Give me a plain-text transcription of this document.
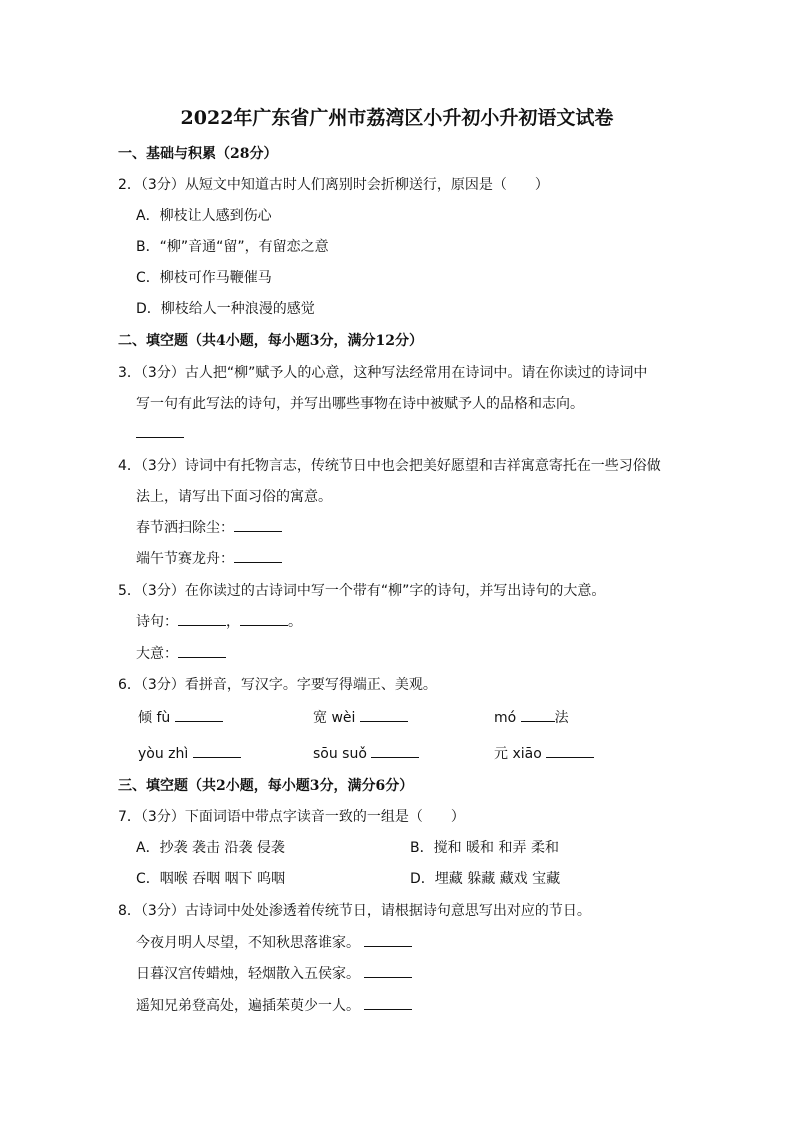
2022年广东省广州市荔湾区小升初小升初语文试卷
一、基础与积累（28分）
2．（3分）从短文中知道古时人们离别时会折柳送行，原因是（　　）
A．柳枝让人感到伤心
B．“柳”音通“留”，有留恋之意
C．柳枝可作马鞭催马
D．柳枝给人一种浪漫的感觉
二、填空题（共4小题，每小题3分，满分12分）
3．（3分）古人把“柳”赋予人的心意，这种写法经常用在诗词中。请在你读过的诗词中
写一句有此写法的诗句，并写出哪些事物在诗中被赋予人的品格和志向。
4．（3分）诗词中有托物言志，传统节日中也会把美好愿望和吉祥寓意寄托在一些习俗做
法上，请写出下面习俗的寓意。
春节洒扫除尘：
端午节赛龙舟：
5．（3分）在你读过的古诗词中写一个带有“柳”字的诗句，并写出诗句的大意。
诗句：	，	。
大意：
6．（3分）看拼音，写汉字。字要写得端正、美观。
倾 fù	宽 wèi	mó	法
yòu zhì	sōu suǒ	元 xiāo
三、填空题（共2小题，每小题3分，满分6分）
7．（3分）下面词语中带点字读音一致的一组是（　　）
A．抄袭 袭击 沿袭 侵袭	B．搅和 暖和 和弄 柔和
C．咽喉 吞咽 咽下 呜咽	D．埋藏 躲藏 藏戏 宝藏
8．（3分）古诗词中处处渗透着传统节日，请根据诗句意思写出对应的节日。
今夜月明人尽望，不知秋思落谁家。
日暮汉宫传蜡烛，轻烟散入五侯家。
遥知兄弟登高处，遍插茱萸少一人。
